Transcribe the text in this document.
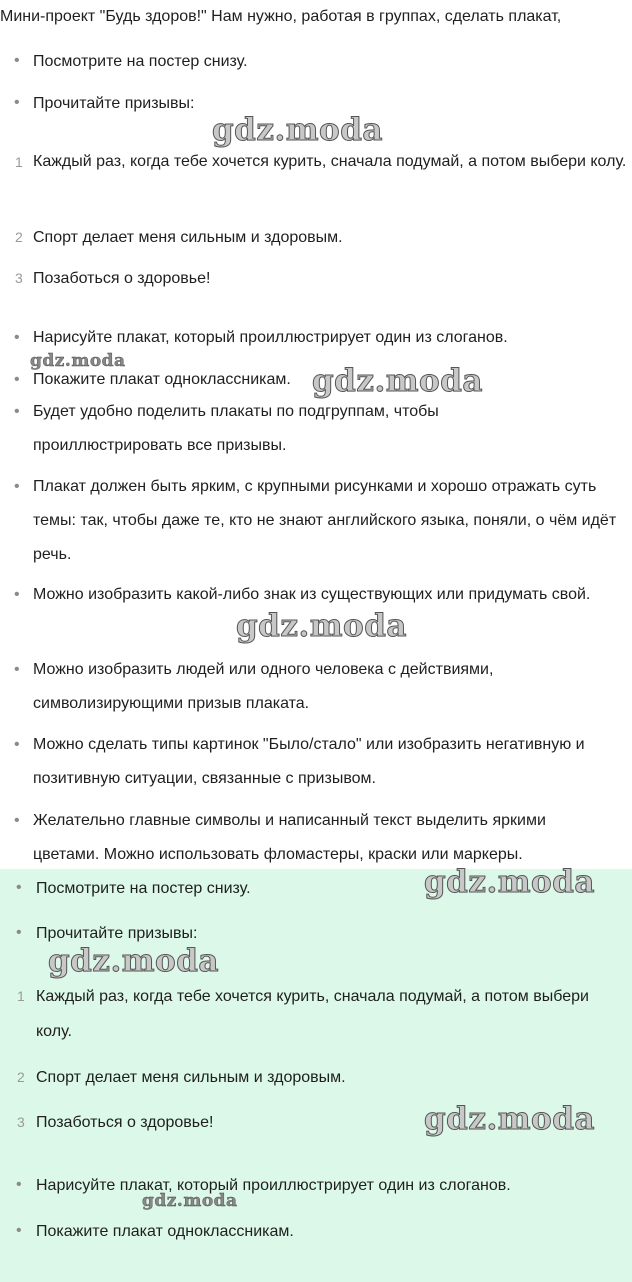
Мини-проект "Будь здоров!" Нам нужно, работая в группах, сделать плакат,
• Посмотрите на постер снизу.
• Прочитайте призывы:
1 Каждый раз, когда тебе хочется курить, сначала подумай, а потом выбери колу.
2 Спорт делает меня сильным и здоровым.
3 Позаботься о здоровье!
• Нарисуйте плакат, который проиллюстрирует один из слоганов.
• Покажите плакат одноклассникам.
• Будет удобно поделить плакаты по подгруппам, чтобы проиллюстрировать все призывы.
• Плакат должен быть ярким, с крупными рисунками и хорошо отражать суть темы: так, чтобы даже те, кто не знают английского языка, поняли, о чём идёт речь.
• Можно изобразить какой-либо знак из существующих или придумать свой.
• Можно изобразить людей или одного человека с действиями, символизирующими призыв плаката.
• Можно сделать типы картинок "Было/стало" или изобразить негативную и позитивную ситуации, связанные с призывом.
• Желательно главные символы и написанный текст выделить яркими цветами. Можно использовать фломастеры, краски или маркеры.
• Посмотрите на постер снизу.
• Прочитайте призывы:
1 Каждый раз, когда тебе хочется курить, сначала подумай, а потом выбери колу.
2 Спорт делает меня сильным и здоровым.
3 Позаботься о здоровье!
• Нарисуйте плакат, который проиллюстрирует один из слоганов.
• Покажите плакат одноклассникам.
gdz.moda
gdz.moda
gdz.moda
gdz.moda
gdz.moda
gdz.moda
gdz.moda
gdz.moda
